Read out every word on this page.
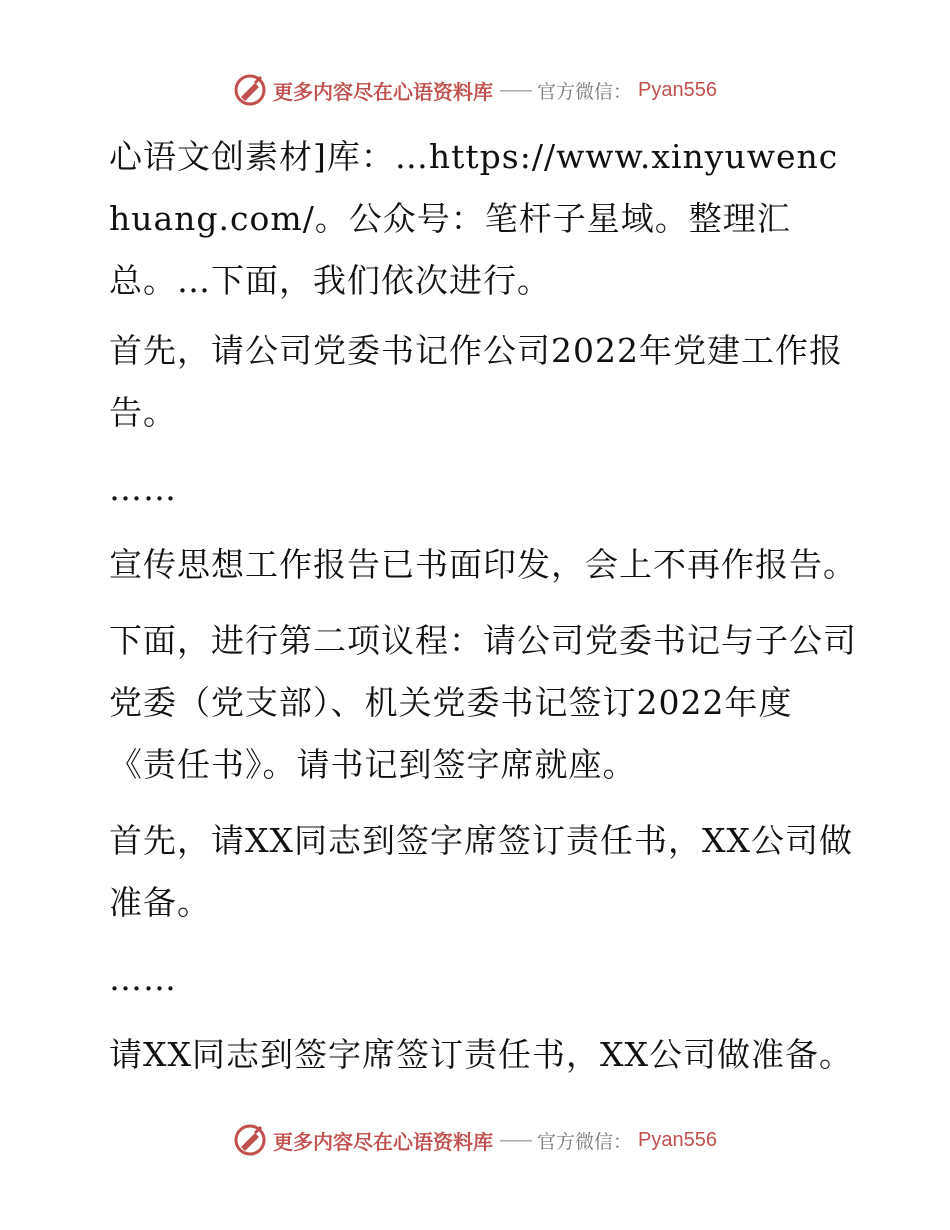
更多内容尽在心语资料库 —— 官方微信： Pyan556

心语文创素材]库：…https://www.xinyuwenchuang.com/。公众号：笔杆子星域。整理汇总。…下面，我们依次进行。

首先，请公司党委书记作公司2022年党建工作报告。

……

宣传思想工作报告已书面印发，会上不再作报告。

下面，进行第二项议程：请公司党委书记与子公司党委（党支部）、机关党委书记签订2022年度《责任书》。请书记到签字席就座。

首先，请XX同志到签字席签订责任书，XX公司做准备。

……

请XX同志到签字席签订责任书，XX公司做准备。

更多内容尽在心语资料库 —— 官方微信： Pyan556
